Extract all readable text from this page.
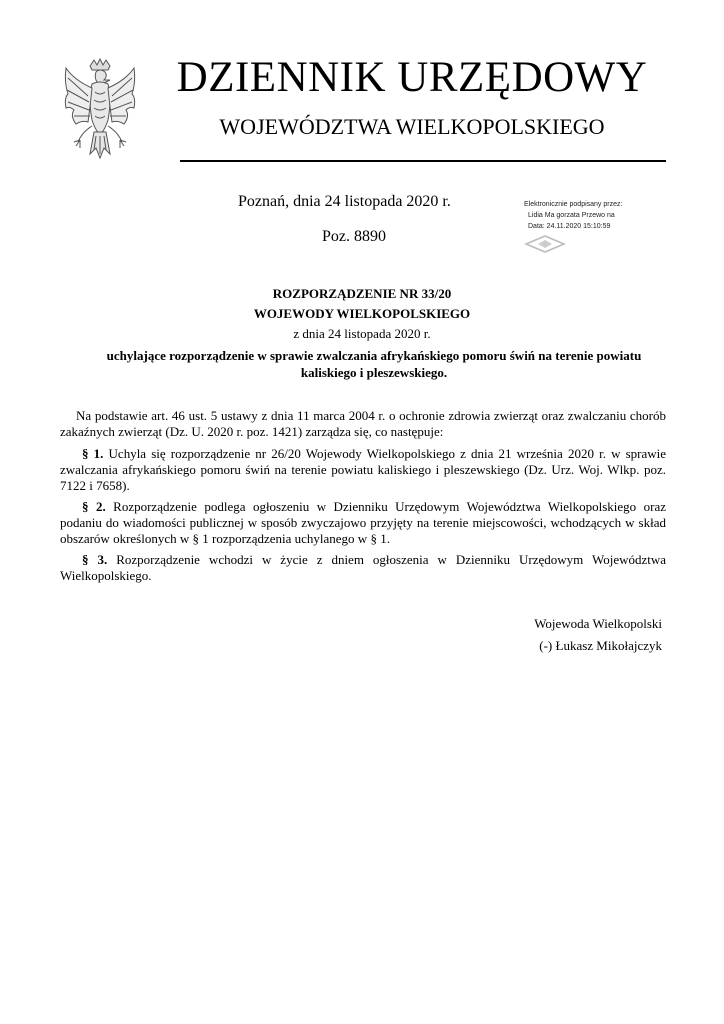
DZIENNIK URZĘDOWY
WOJEWÓDZTWA WIELKOPOLSKIEGO
Poznań, dnia 24 listopada 2020 r.
Poz. 8890
Elektronicznie podpisany przez:
Lidia Ma gorzata Przewo na
Data: 24.11.2020 15:10:59
ROZPORZĄDZENIE NR 33/20
WOJEWODY WIELKOPOLSKIEGO
z dnia 24 listopada 2020 r.
uchylające rozporządzenie w sprawie zwalczania afrykańskiego pomoru świń na terenie powiatu kaliskiego i pleszewskiego.
Na podstawie art. 46 ust. 5 ustawy z dnia 11 marca 2004 r. o ochronie zdrowia zwierząt oraz zwalczaniu chorób zakaźnych zwierząt (Dz. U. 2020 r. poz. 1421) zarządza się, co następuje:
§ 1. Uchyla się rozporządzenie nr 26/20 Wojewody Wielkopolskiego z dnia 21 września 2020 r. w sprawie zwalczania afrykańskiego pomoru świń na terenie powiatu kaliskiego i pleszewskiego (Dz. Urz. Woj. Wlkp. poz. 7122 i 7658).
§ 2. Rozporządzenie podlega ogłoszeniu w Dzienniku Urzędowym Województwa Wielkopolskiego oraz podaniu do wiadomości publicznej w sposób zwyczajowo przyjęty na terenie miejscowości, wchodzących w skład obszarów określonych w § 1 rozporządzenia uchylanego w § 1.
§ 3. Rozporządzenie wchodzi w życie z dniem ogłoszenia w Dzienniku Urzędowym Województwa Wielkopolskiego.
Wojewoda Wielkopolski
(-) Łukasz Mikołajczyk
